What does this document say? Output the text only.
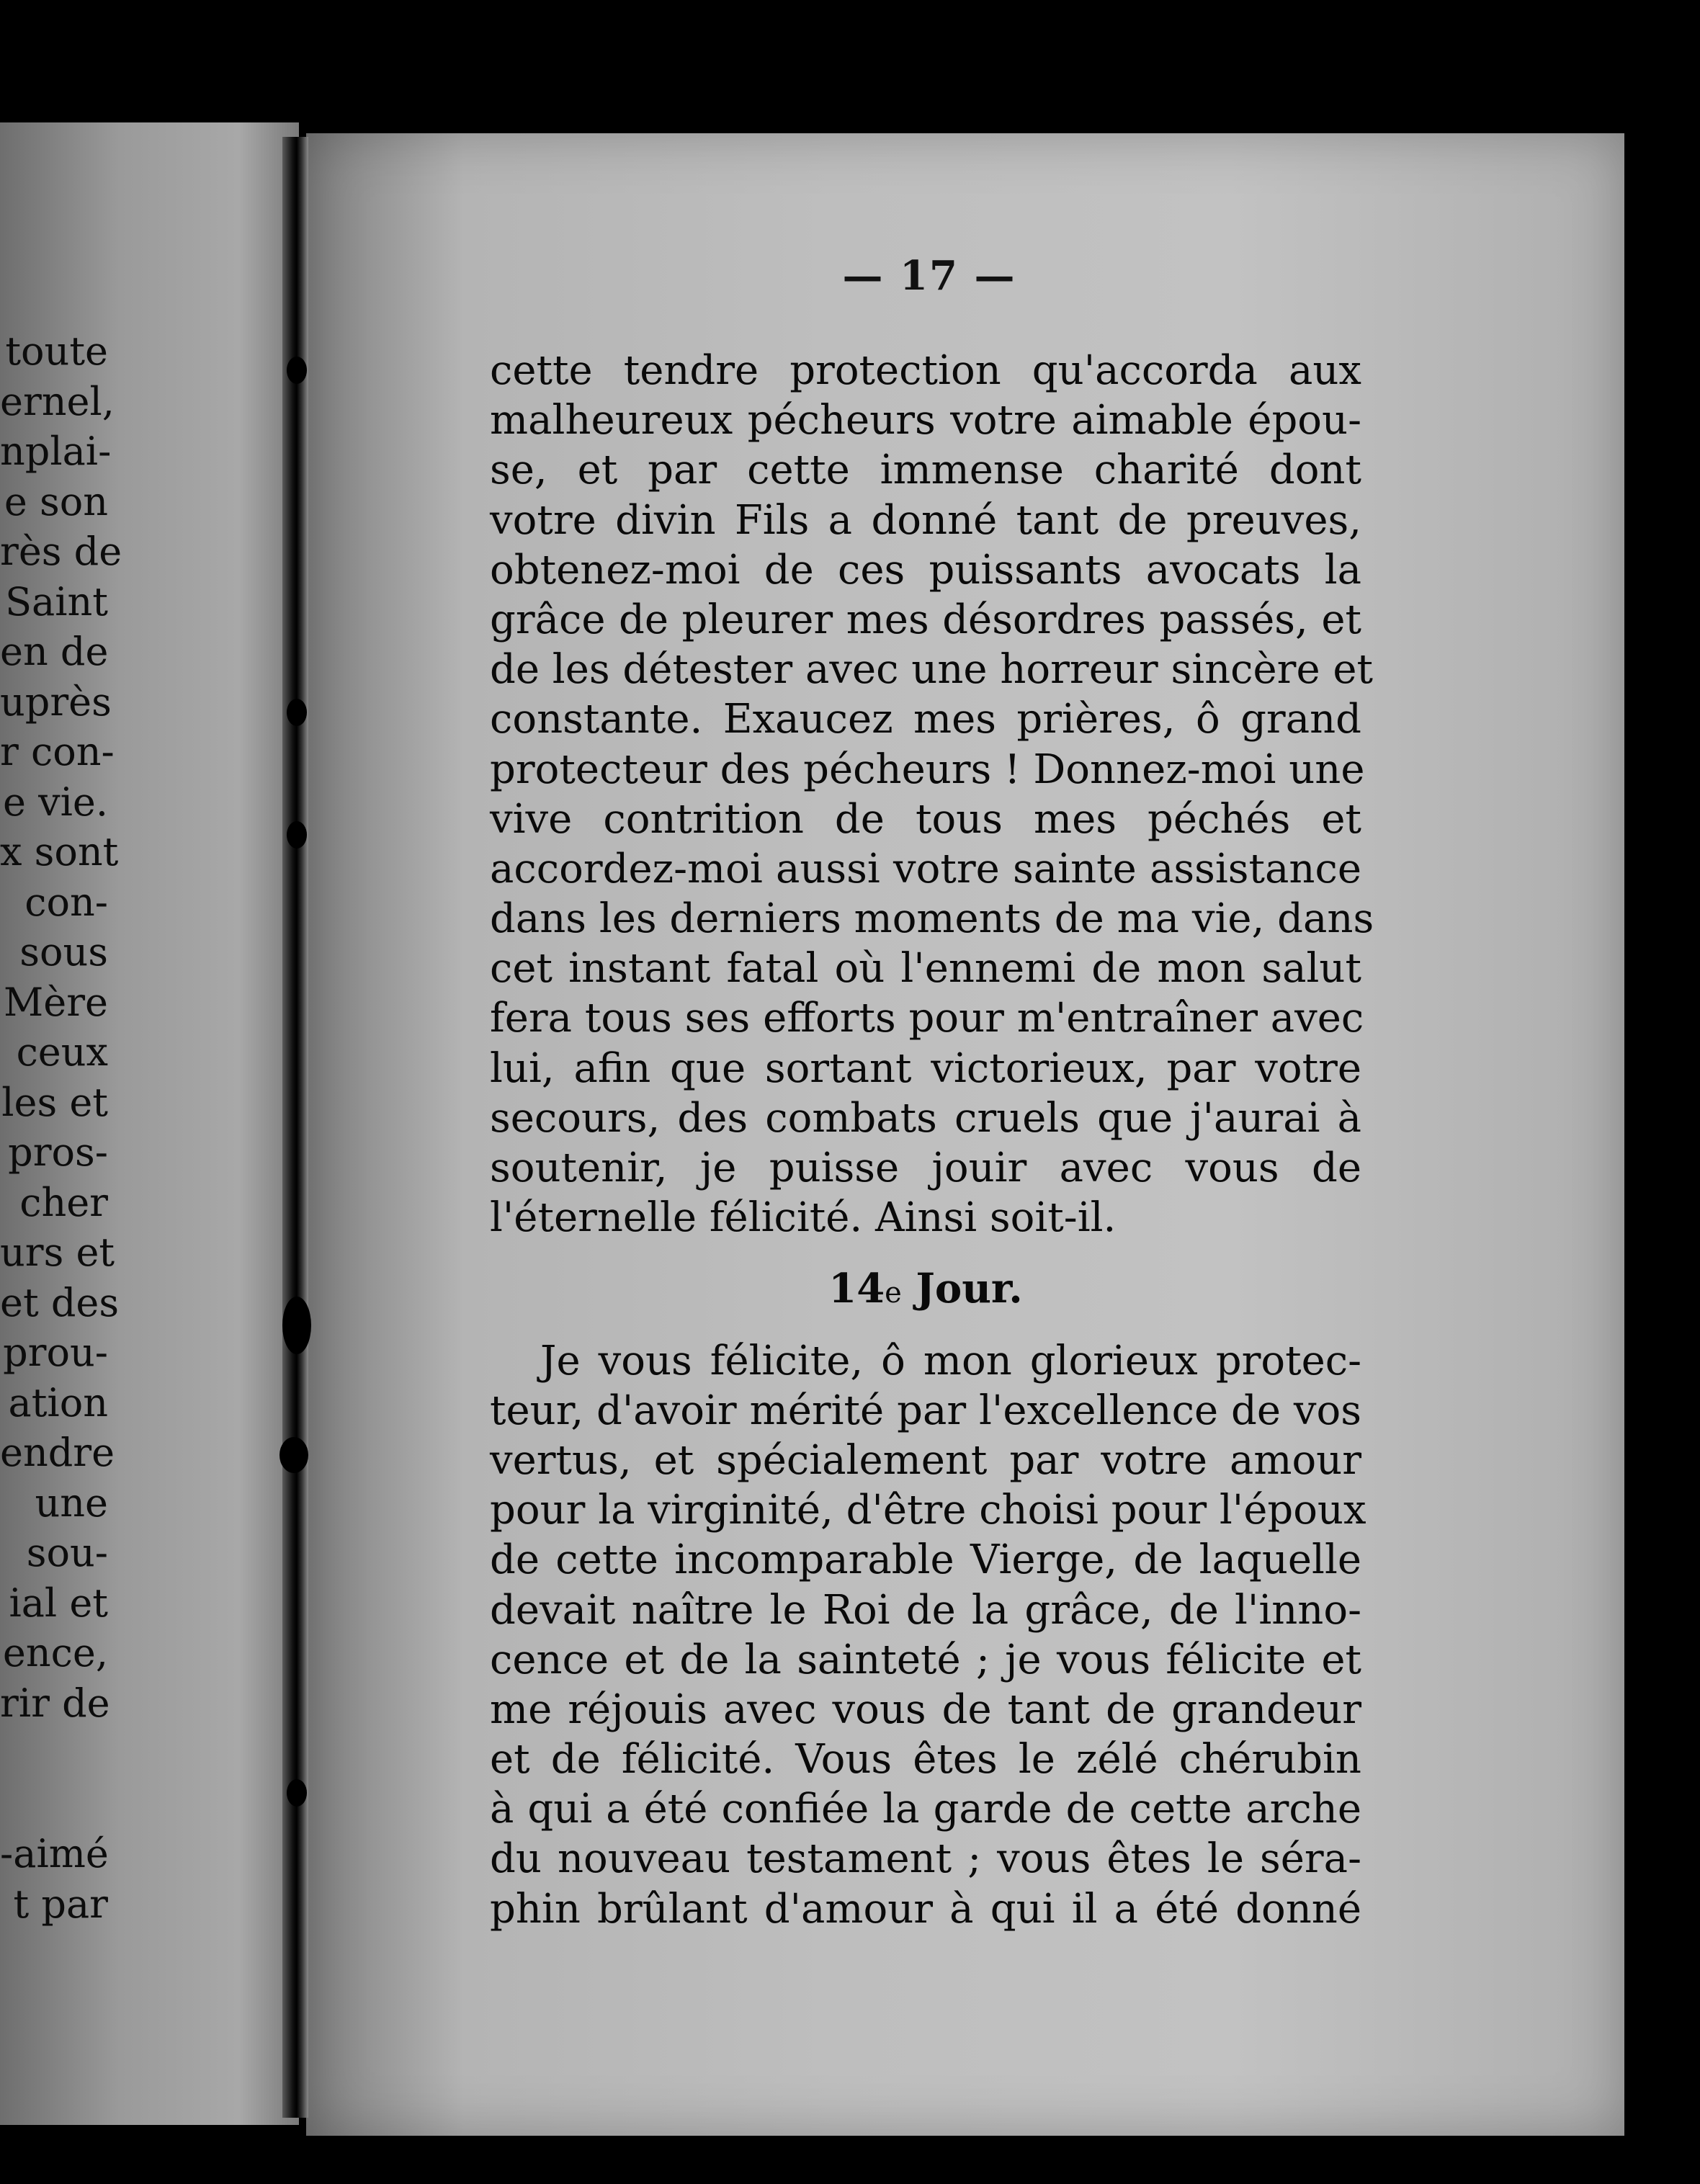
toute
ernel,
nplai-
e son
rès de
Saint
en de
uprès
r con-
e vie.
x sont
con-
sous
Mère
ceux
les et
pros-
cher
urs et
et des
prou-
ation
endre
une
sou-
ial et
ence,
rir de
-aimé
t par
— 17 —
cette tendre protection qu'accorda aux
malheureux pécheurs votre aimable épou-
se, et par cette immense charité dont
votre divin Fils a donné tant de preuves,
obtenez-moi de ces puissants avocats la
grâce de pleurer mes désordres passés, et
de les détester avec une horreur sincère et
constante. Exaucez mes prières, ô grand
protecteur des pécheurs ! Donnez-moi une
vive contrition de tous mes péchés et
accordez-moi aussi votre sainte assistance
dans les derniers moments de ma vie, dans
cet instant fatal où l'ennemi de mon salut
fera tous ses efforts pour m'entraîner avec
lui, afin que sortant victorieux, par votre
secours, des combats cruels que j'aurai à
soutenir, je puisse jouir avec vous de
l'éternelle félicité. Ainsi soit-il.
14e Jour.
Je vous félicite, ô mon glorieux protec-
teur, d'avoir mérité par l'excellence de vos
vertus, et spécialement par votre amour
pour la virginité, d'être choisi pour l'époux
de cette incomparable Vierge, de laquelle
devait naître le Roi de la grâce, de l'inno-
cence et de la sainteté ; je vous félicite et
me réjouis avec vous de tant de grandeur
et de félicité. Vous êtes le zélé chérubin
à qui a été confiée la garde de cette arche
du nouveau testament ; vous êtes le séra-
phin brûlant d'amour à qui il a été donné
